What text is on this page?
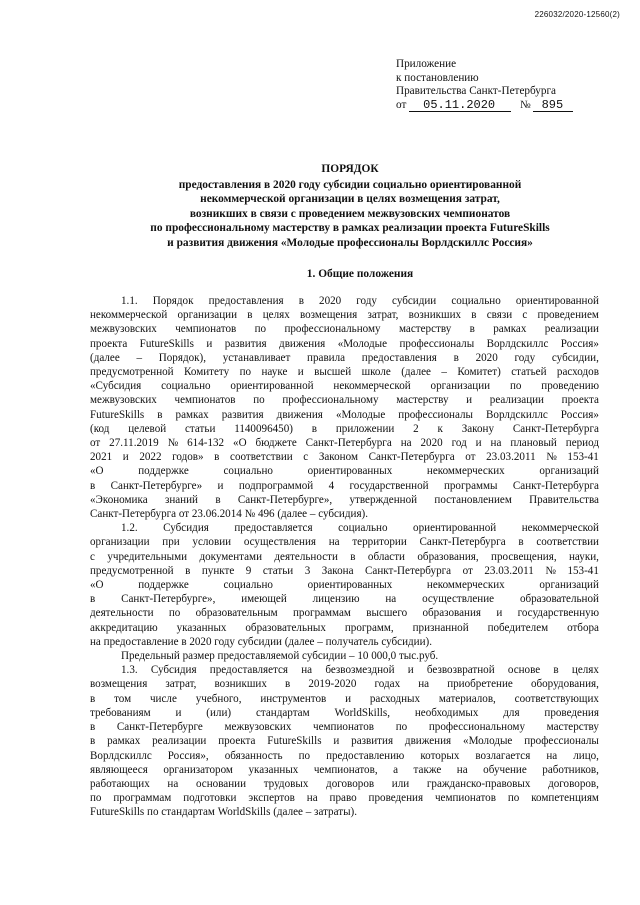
226032/2020-12560(2)
Приложение
к постановлению
Правительства Санкт-Петербурга
от 05.11.2020 № 895
ПОРЯДОК
предоставления в 2020 году субсидии социально ориентированной
некоммерческой организации в целях возмещения затрат,
возникших в связи с проведением межвузовских чемпионатов
по профессиональному мастерству в рамках реализации проекта FutureSkills
и развития движения «Молодые профессионалы Ворлдскиллс Россия»
1. Общие положения
1.1. Порядок предоставления в 2020 году субсидии социально ориентированной
некоммерческой организации в целях возмещения затрат, возникших в связи с проведением
межвузовских чемпионатов по профессиональному мастерству в рамках реализации
проекта FutureSkills и развития движения «Молодые профессионалы Ворлдскиллс Россия»
(далее – Порядок), устанавливает правила предоставления в 2020 году субсидии,
предусмотренной Комитету по науке и высшей школе (далее – Комитет) статьей расходов
«Субсидия социально ориентированной некоммерческой организации по проведению
межвузовских чемпионатов по профессиональному мастерству и реализации проекта
FutureSkills в рамках развития движения «Молодые профессионалы Ворлдскиллс Россия»
(код целевой статьи 1140096450) в приложении 2 к Закону Санкт-Петербурга
от 27.11.2019 № 614-132 «О бюджете Санкт-Петербурга на 2020 год и на плановый период
2021 и 2022 годов» в соответствии с Законом Санкт-Петербурга от 23.03.2011 № 153-41
«О	поддержке	социально	ориентированных	некоммерческих	организаций
в Санкт-Петербурге» и подпрограммой 4 государственной программы Санкт-Петербурга
«Экономика знаний в Санкт-Петербурге», утвержденной постановлением Правительства
Санкт-Петербурга от 23.06.2014 № 496 (далее – субсидия).
1.2. Субсидия предоставляется социально ориентированной некоммерческой
организации при условии осуществления на территории Санкт-Петербурга в соответствии
с учредительными документами деятельности в области образования, просвещения, науки,
предусмотренной в пункте 9 статьи 3 Закона Санкт-Петербурга от 23.03.2011 № 153-41
«О	поддержке	социально	ориентированных	некоммерческих	организаций
в Санкт-Петербурге», имеющей лицензию на осуществление образовательной
деятельности по образовательным программам высшего образования и государственную
аккредитацию указанных образовательных программ, признанной победителем отбора
на предоставление в 2020 году субсидии (далее – получатель субсидии).
Предельный размер предоставляемой субсидии – 10 000,0 тыс.руб.
1.3. Субсидия предоставляется на безвозмездной и безвозвратной основе в целях
возмещения затрат, возникших в 2019-2020 годах на приобретение оборудования,
в том числе учебного, инструментов и расходных материалов, соответствующих
требованиям и (или) стандартам WorldSkills, необходимых для проведения
в Санкт-Петербурге межвузовских чемпионатов по профессиональному мастерству
в рамках реализации проекта FutureSkills и развития движения «Молодые профессионалы
Ворлдскиллс Россия», обязанность по предоставлению которых возлагается на лицо,
являющееся организатором указанных чемпионатов, а также на обучение работников,
работающих на основании трудовых договоров или гражданско-правовых договоров,
по программам подготовки экспертов на право проведения чемпионатов по компетенциям
FutureSkills по стандартам WorldSkills (далее – затраты).
